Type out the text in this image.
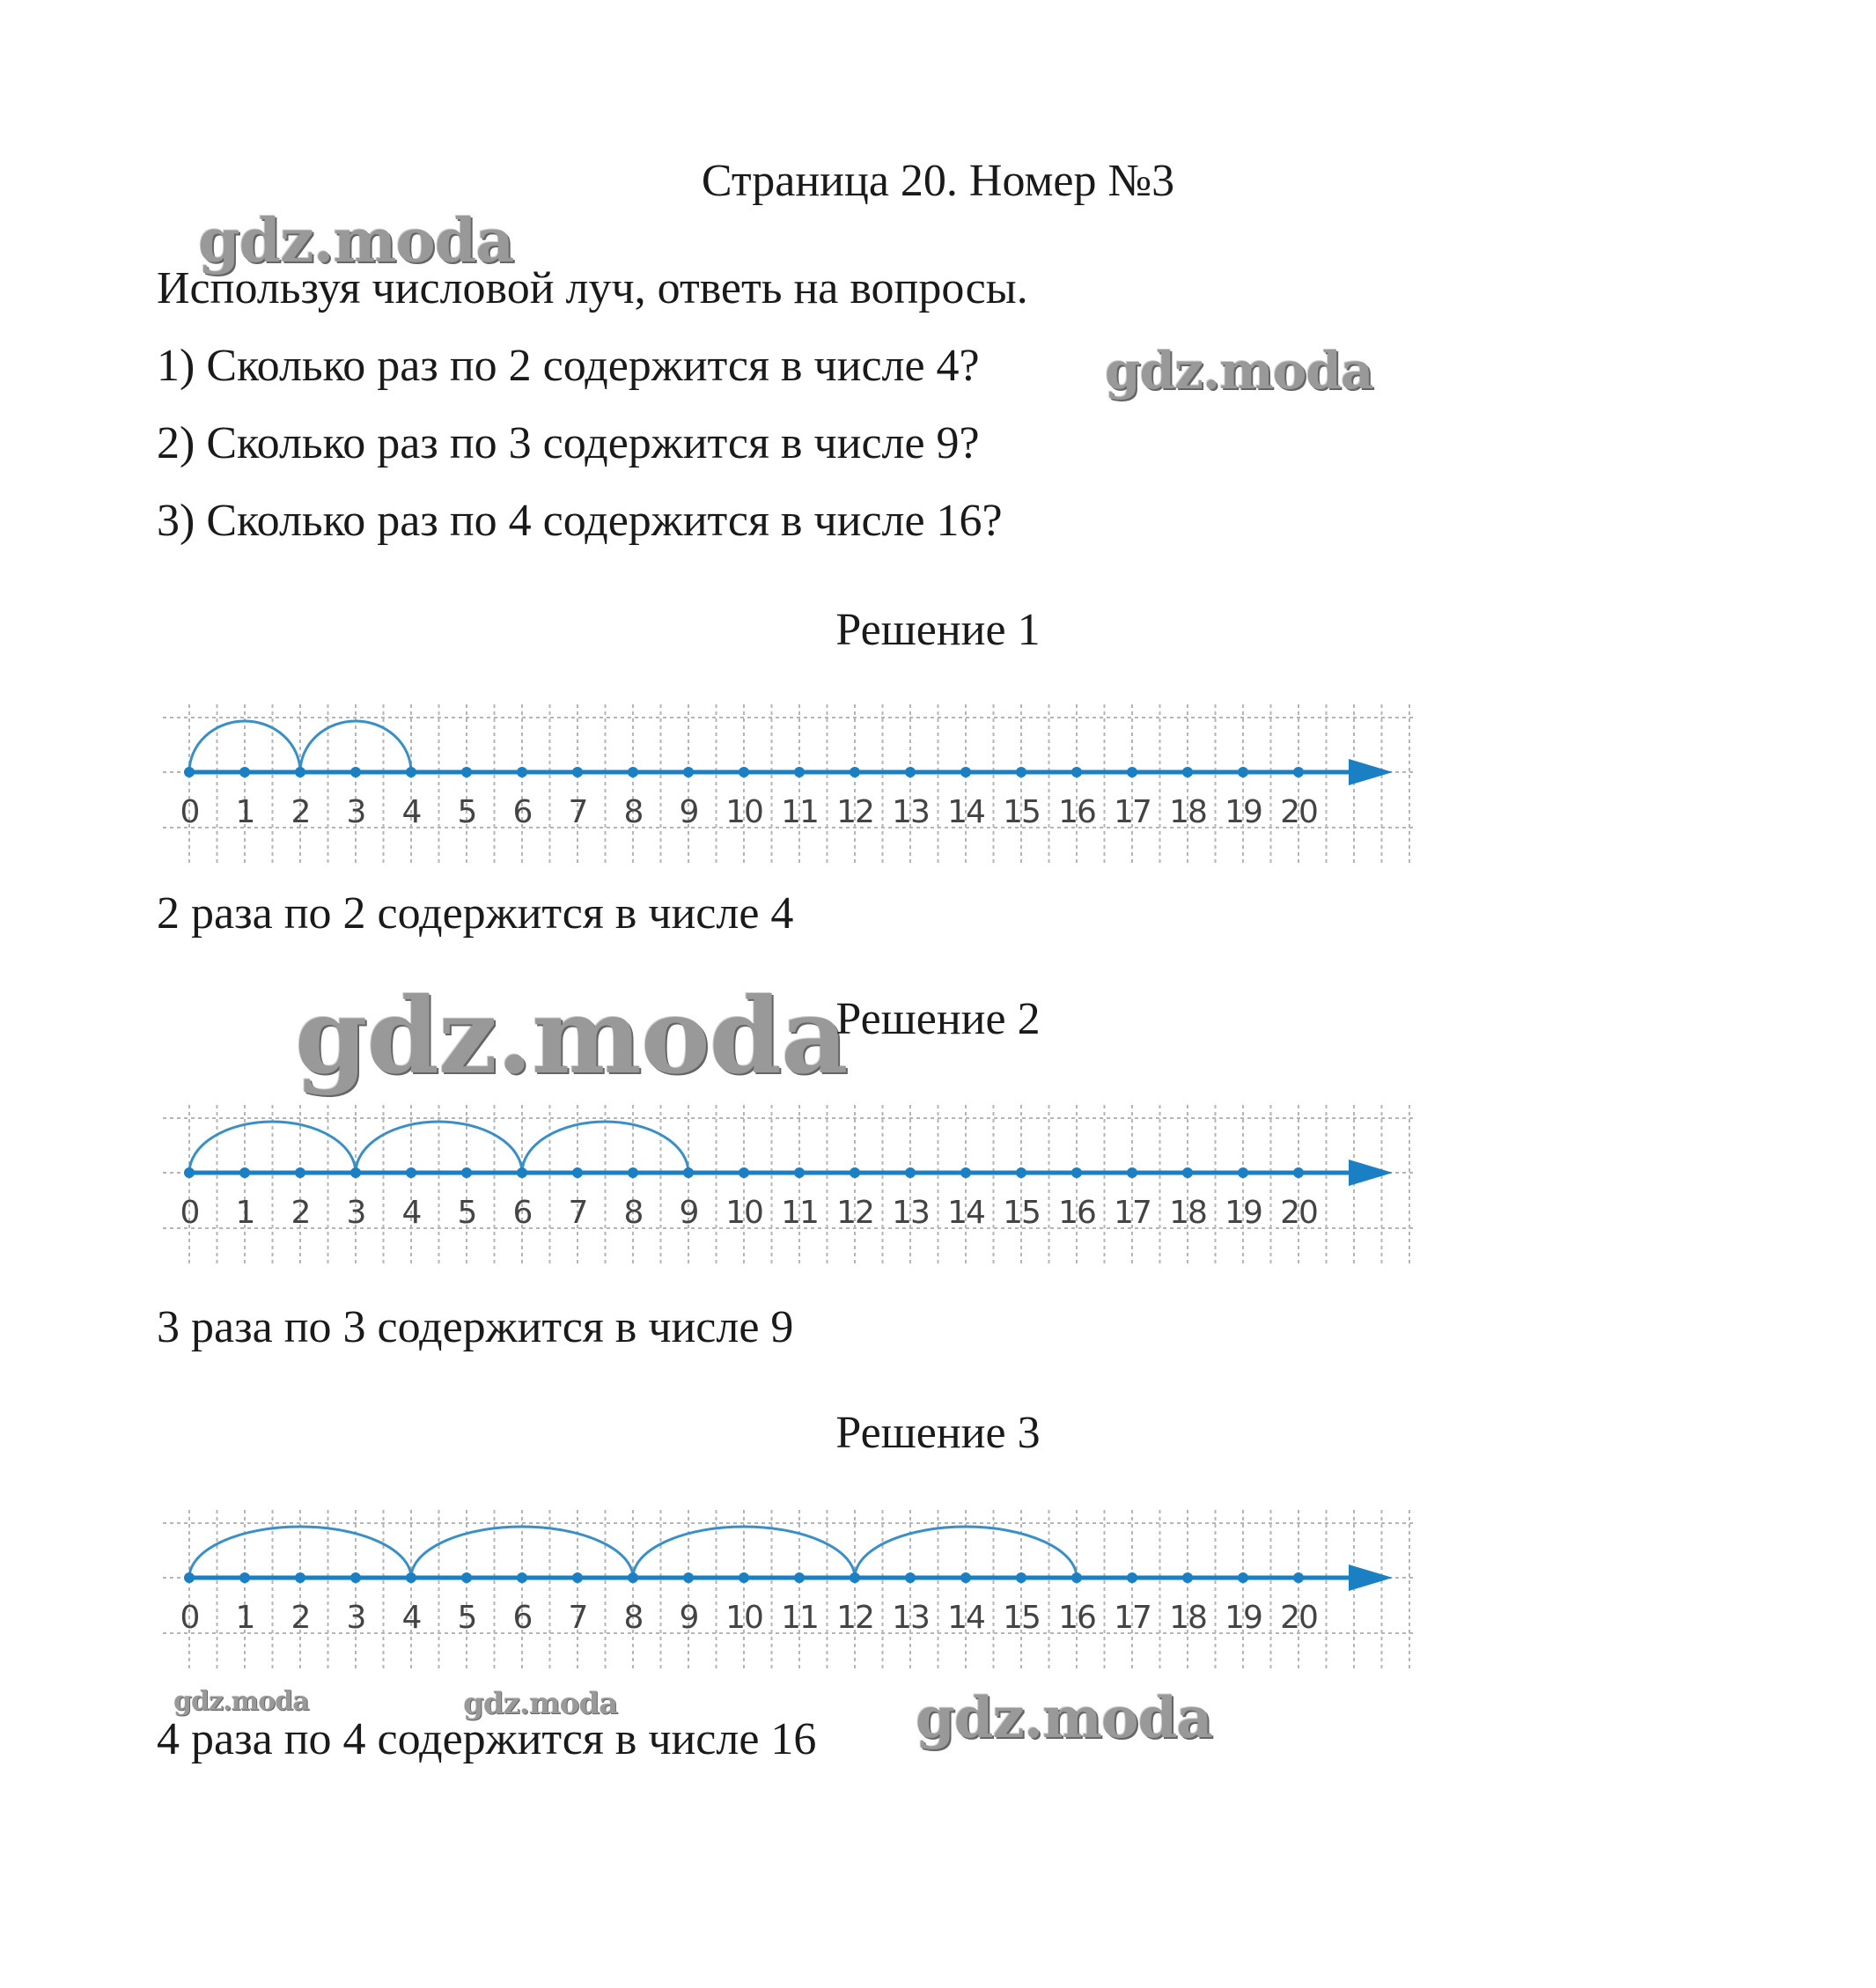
Страница 20. Номер №3
gdz.moda
gdz.moda
gdz.moda
gdz.moda	gdz.moda	gdz.moda
Используя числовой луч, ответь на вопросы.
1) Сколько раз по 2 содержится в числе 4?
2) Сколько раз по 3 содержится в числе 9?
3) Сколько раз по 4 содержится в числе 16?
Решение 1
0 1 2 3 4 5 6 7 8 9 10 11 12 13 14 15 16 17 18 19 20
2 раза по 2 содержится в числе 4
Решение 2
0 1 2 3 4 5 6 7 8 9 10 11 12 13 14 15 16 17 18 19 20
3 раза по 3 содержится в числе 9
Решение 3
0 1 2 3 4 5 6 7 8 9 10 11 12 13 14 15 16 17 18 19 20
4 раза по 4 содержится в числе 16
